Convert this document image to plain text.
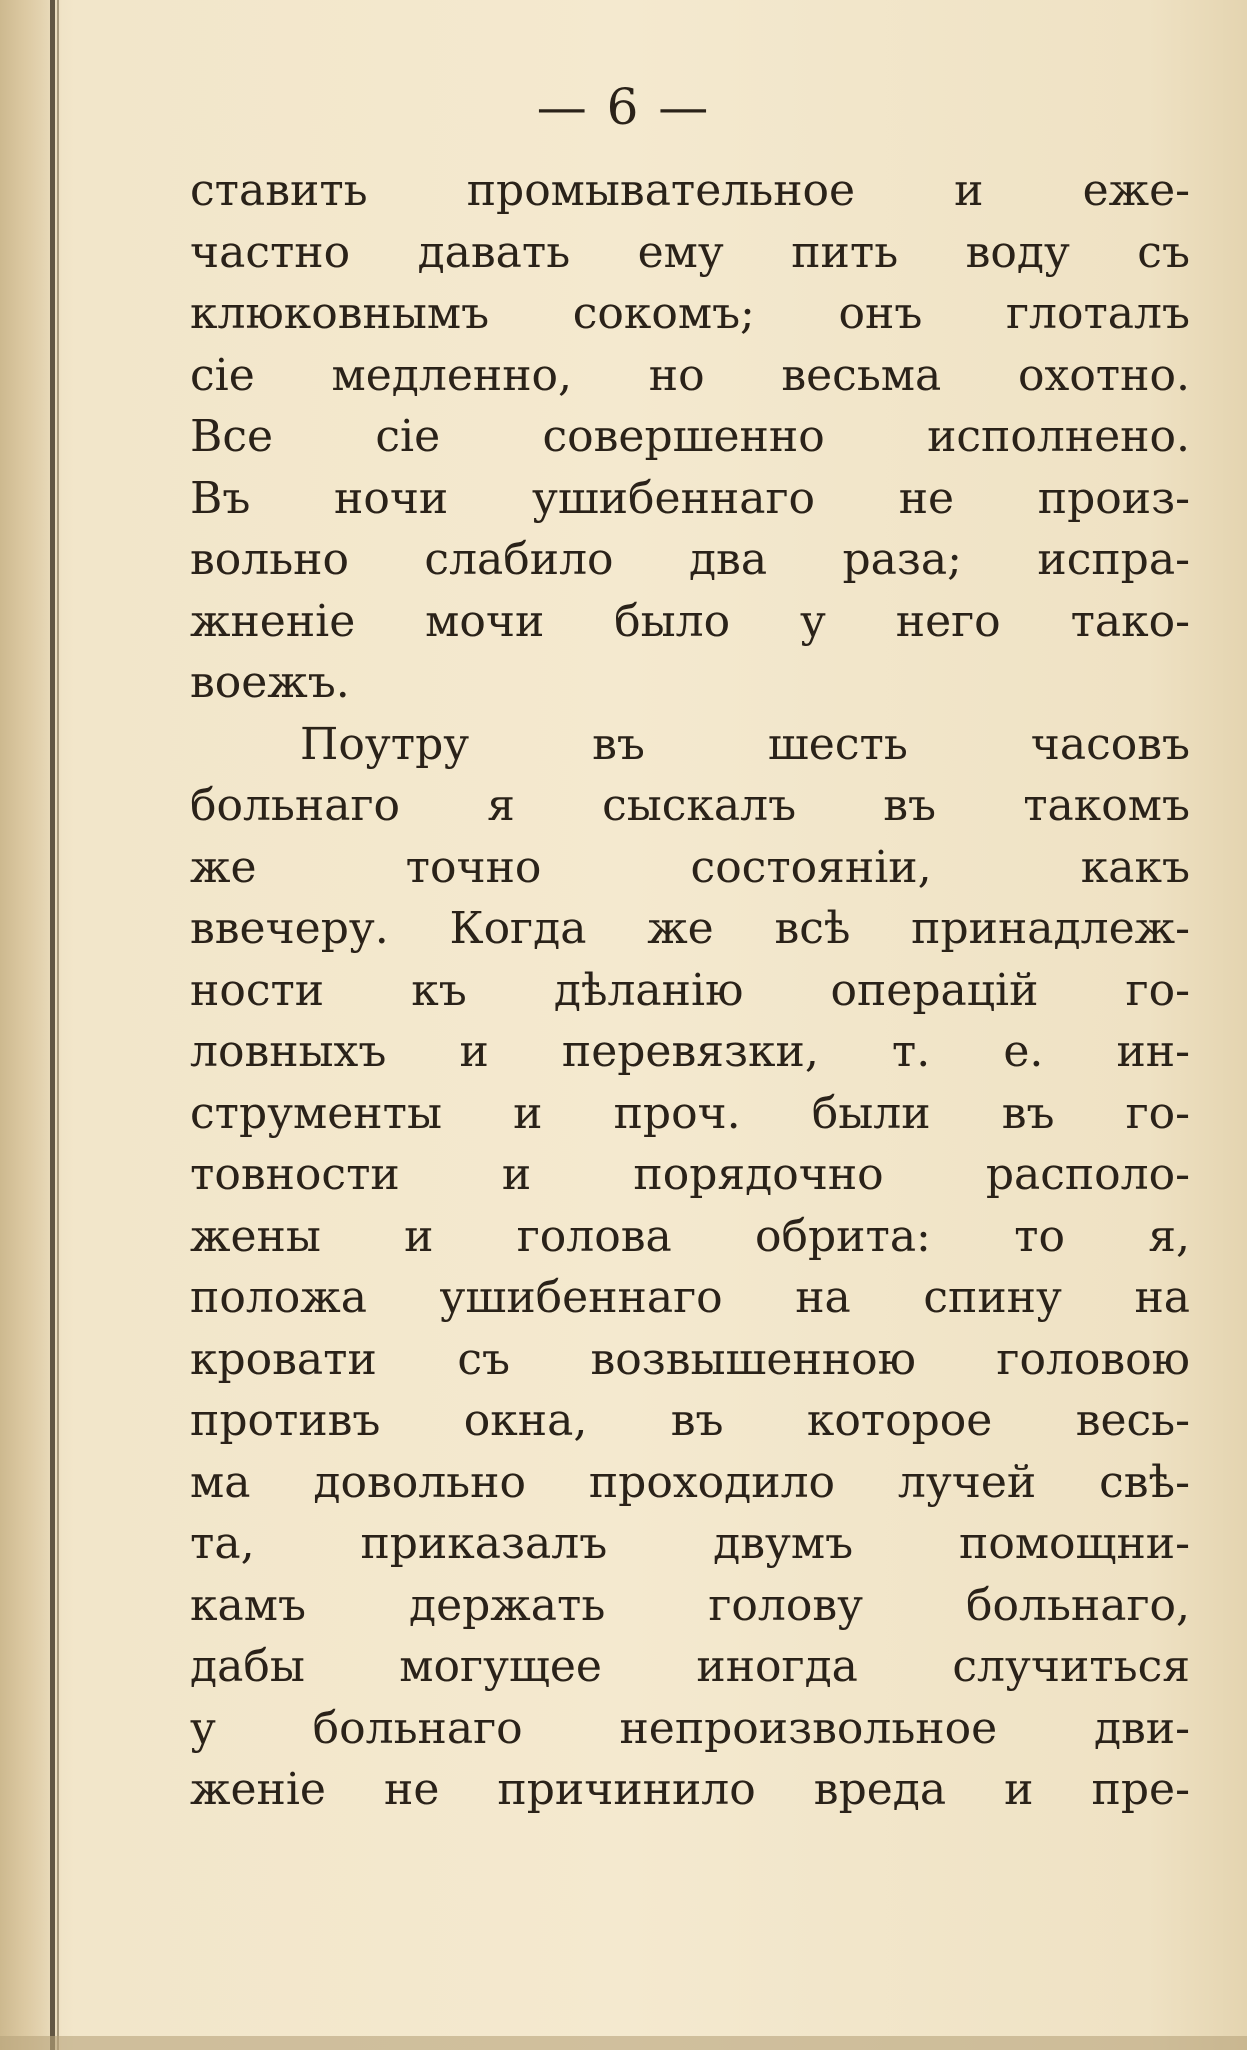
— 6 —
ставить промывательное и еже-
частно давать ему пить воду съ
клюковнымъ сокомъ; онъ глоталъ
сіе медленно, но весьма охотно.
Все сіе совершенно исполнено.
Въ ночи ушибеннаго не произ-
вольно слабило два раза; испра-
жненіе мочи было у него тако-
воежъ.
Поутру	въ	шесть	часовъ
больнаго я сыскалъ въ такомъ
же	точно	состояніи,	какъ
ввечеру. Когда же всѣ принадлеж-
ности къ дѣланію операцій го-
ловныхъ и перевязки, т. е. ин-
струменты и проч. были въ го-
товности и порядочно располо-
жены и голова обрита: то я,
положа ушибеннаго на спину на
кровати съ возвышенною головою
противъ окна, въ которое весь-
ма довольно проходило лучей свѣ-
та, приказалъ двумъ помощни-
камъ держать голову больнаго,
дабы могущее иногда случиться
у больнаго непроизвольное дви-
женіе не причинило вреда и пре-
